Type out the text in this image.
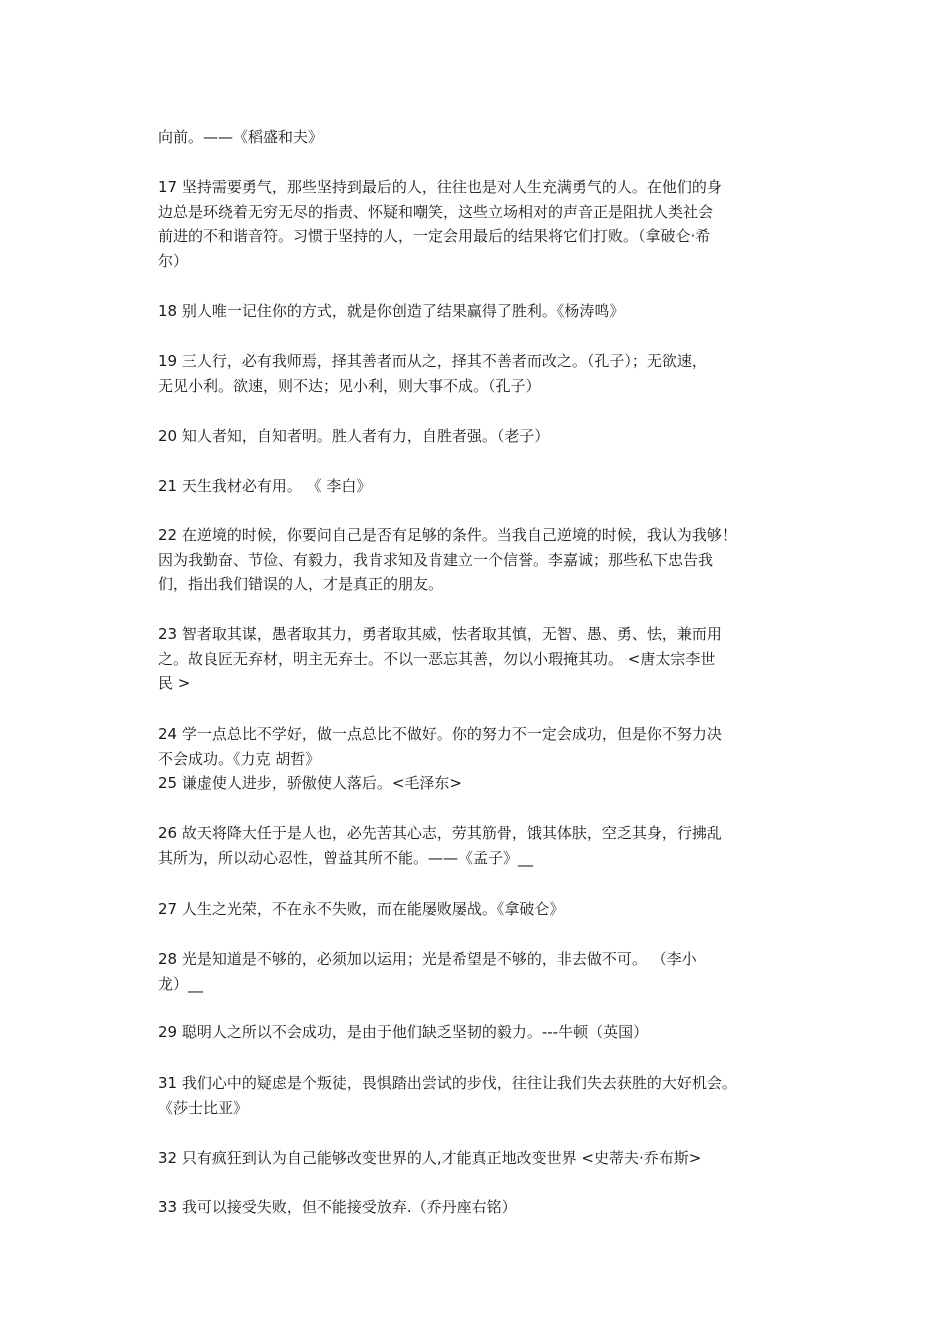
向前。——《稻盛和夫》
17 坚持需要勇气，那些坚持到最后的人，往往也是对人生充满勇气的人。在他们的身
边总是环绕着无穷无尽的指责、怀疑和嘲笑，这些立场相对的声音正是阻扰人类社会
前进的不和谐音符。习惯于坚持的人，一定会用最后的结果将它们打败。（拿破仑·希
尔）
18 别人唯一记住你的方式，就是你创造了结果赢得了胜利。《杨涛鸣》
19 三人行，必有我师焉，择其善者而从之，择其不善者而改之。（孔子）；无欲速，
无见小利。欲速，则不达；见小利，则大事不成。（孔子）
20 知人者知，自知者明。胜人者有力，自胜者强。（老子）
21 天生我材必有用。 《 李白》
22 在逆境的时候，你要问自己是否有足够的条件。当我自己逆境的时候，我认为我够！
因为我勤奋、节俭、有毅力，我肯求知及肯建立一个信誉。李嘉诚；那些私下忠告我
们，指出我们错误的人，才是真正的朋友。
23 智者取其谋，愚者取其力，勇者取其威，怯者取其慎，无智、愚、勇、怯，兼而用
之。故良匠无弃材，明主无弃士。不以一恶忘其善，勿以小瑕掩其功。 <唐太宗李世
民 >
24 学一点总比不学好，做一点总比不做好。你的努力不一定会成功，但是你不努力决
不会成功。《力克 胡哲》
25 谦虚使人进步，骄傲使人落后。<毛泽东>
26 故天将降大任于是人也，必先苦其心志，劳其筋骨，饿其体肤，空乏其身，行拂乱
其所为，所以动心忍性，曾益其所不能。——《孟子》__
27 人生之光荣，不在永不失败，而在能屡败屡战。《拿破仑》
28 光是知道是不够的，必须加以运用；光是希望是不够的，非去做不可。 （李小
龙）__
29 聪明人之所以不会成功，是由于他们缺乏坚韧的毅力。---牛顿（英国）
31 我们心中的疑虑是个叛徒，畏惧踏出尝试的步伐，往往让我们失去获胜的大好机会。
《莎士比亚》
32 只有疯狂到认为自己能够改变世界的人,才能真正地改变世界 <史蒂夫·乔布斯>
33 我可以接受失败，但不能接受放弃.（乔丹座右铭）
